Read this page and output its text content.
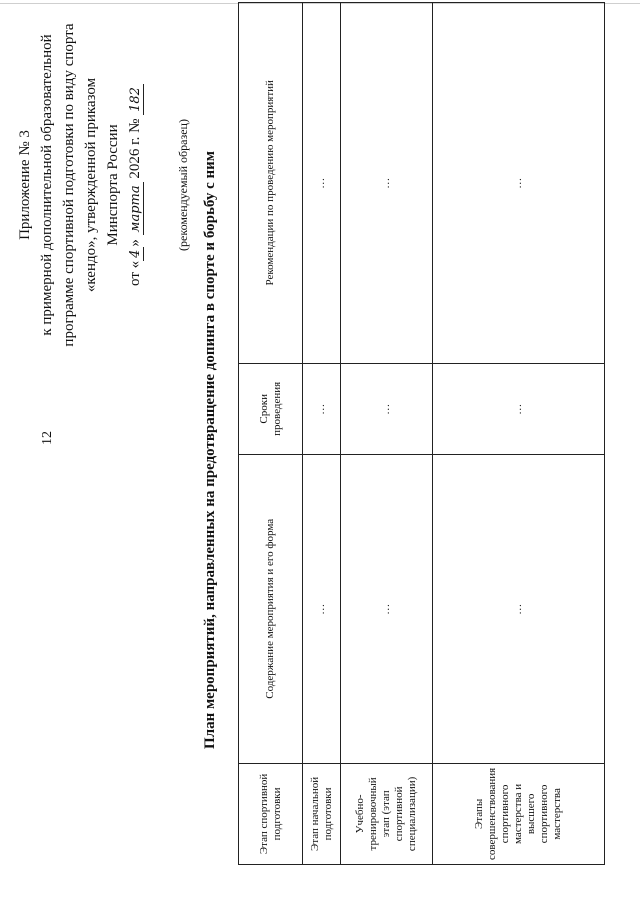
12
Приложение № 3 к примерной дополнительной образовательной программе спортивной подготовки по виду спорта «кендо», утвержденной приказом Минспорта России
от «4» марта 2026 г. № 182
(рекомендуемый образец) План мероприятий, направленных на предотвращение допинга в спорте и борьбу с ним
Этап спортивной подготовки	Содержание мероприятия и его форма	Сроки проведения	Рекомендации по проведению мероприятий
Этап начальной подготовки	…	…	…
Учебно-тренировочный этап (этап спортивной специализации)	…	…	…
Этапы совершенствования спортивного мастерства и высшего спортивного мастерства	…	…	…
